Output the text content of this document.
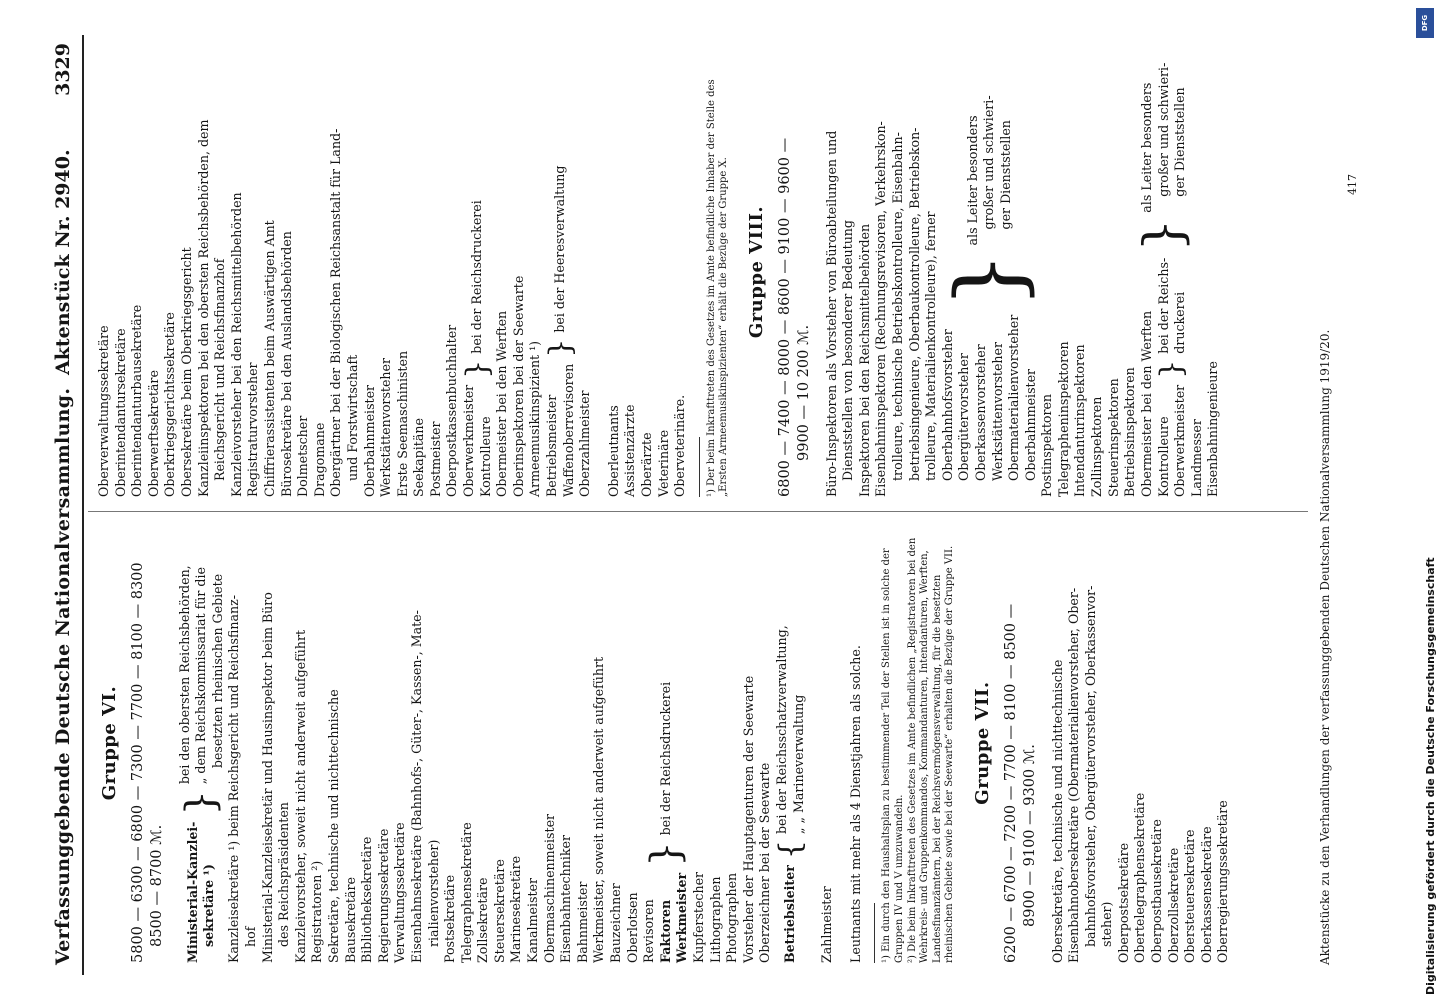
Verfassunggebende Deutsche Nationalversammlung.
Aktenstück Nr. 2940.
3329
Gruppe VI. 5800 — 6300 — 6800 — 7300 — 7700 — 8100 — 8300 8500 — 8700 ℳ. Ministerial-Kanzlei- sekretäre ¹)
}
bei den obersten Reichsbehörden, „ dem Reichskommissariat für die besetzten rheinischen Gebiete Kanzleisekretäre ¹) beim Reichsgericht und Reichsfinanz- hof Ministerial-Kanzleisekretär und Hausinspektor beim Büro des Reichspräsidenten Kanzleivorsteher, soweit nicht anderweit aufgeführt Registratoren ²) Sekretäre, technische und nichttechnische Bausekretäre Bibliotheksekretäre Regierungssekretäre Verwaltungssekretäre Eisenbahnsekretäre (Bahnhofs-, Güter-, Kassen-, Mate- rialienvorsteher) Postsekretäre Telegraphensekretäre Zollsekretäre Steuersekretäre Marinesekretäre Kanalmeister Obermaschinenmeister Eisenbahntechniker Bahnmeister Werkmeister, soweit nicht anderweit aufgeführt Bauzeichner Oberlotsen Revisoren Faktoren Werkmeister
}
bei der Reichsdruckerei
Kupferstecher Lithographen Photographen Vorsteher der Hauptagenturen der Seewarte Oberzeichner bei der Seewarte Betriebsleiter
{
bei der Reichsschatzverwaltung, „ „ Marineverwaltung
Zahlmeister Leutnants mit mehr als 4 Dienstjahren als solche. ¹) Ein durch den Haushaltsplan zu bestimmender Teil der Stellen ist in solche der Gruppen IV und V umzuwandeln. ²) Die beim Inkrafttreten des Gesetzes im Amte befindlichen „Registratoren bei den Wehrkreis- und Gruppenkommandos, Kommandanturen, Intendanturen, Werften, Landesfinanzämtern, bei der Reichsvermögensverwaltung, für die besetzten rheinischen Gebiete sowie bei der Seewarte“ erhalten die Bezüge der Gruppe VII. Gruppe VII. 6200 — 6700 — 7200 — 7700 — 8100 — 8500 — 8900 — 9100 — 9300 ℳ. Obersekretäre, technische und nichttechnische Eisenbahnobersekretäre (Obermaterialienvorsteher, Ober- bahnhofsvorsteher, Obergütervorsteher, Oberkassenvor- steher) Oberpostsekretäre Obertelegraphensekretäre Oberpostbausekretäre Oberzollsekretäre Obersteuersekretäre Oberkassensekretäre Oberregierungssekretäre
Oberverwaltungssekretäre Oberintendantursekretäre Oberintendanturbausekretäre Oberwerftsekretäre Oberkriegsgerichtssekretäre Obersekretäre beim Oberkriegsgericht Kanzleiinspektoren bei den obersten Reichsbehörden, dem Reichsgericht und Reichsfinanzhof Kanzleivorsteher bei den Reichsmittelbehörden Registraturvorsteher Chiffrierassistenten beim Auswärtigen Amt Bürosekretäre bei den Auslandsbehörden Dolmetscher Dragomane Obergärtner bei der Biologischen Reichsanstalt für Land- und Forstwirtschaft Oberbahnmeister Werkstättenvorsteher Erste Seemaschinisten Seekapitäne Postmeister Oberpostkassenbuchhalter Oberwerkmeister Kontrolleure
}
bei der Reichsdruckerei
Obermeister bei den Werften Oberinspektoren bei der Seewarte Armeemusikinspizient ¹) Betriebsmeister Waffenoberrevisoren
}
bei der Heeresverwaltung
Oberzahlmeister Oberleutnants Assistenzärzte Oberärzte Veterinäre Oberveterinäre. ¹) Der beim Inkrafttreten des Gesetzes im Amte befindliche Inhaber der Stelle des „Ersten Armeemusikinspizienten“ erhält die Bezüge der Gruppe X. Gruppe VIII. 6800 — 7400 — 8000 — 8600 — 9100 — 9600 — 9900 — 10 200 ℳ. Büro-Inspektoren als Vorsteher von Büroabteilungen und Dienststellen von besonderer Bedeutung Inspektoren bei den Reichsmittelbehörden Eisenbahninspektoren (Rechnungsrevisoren, Verkehrskon- trolleure, technische Betriebskontrolleure, Eisenbahn- betriebsingenieure, Oberbaukontrolleure, Betriebskon- trolleure, Materialienkontrolleure), ferner Oberbahnhofsvorsteher Obergütervorsteher Oberkassenvorsteher Werkstättenvorsteher Obermaterialienvorsteher Oberbahnmeister
}
als Leiter besonders großer und schwieri- ger Dienststellen
Postinspektoren Telegrapheninspektoren Intendanturinspektoren Zollinspektoren Steuerinspektoren Betriebsinspektoren Obermeister bei den Werften Kontrolleure Oberwerkmeister
}
bei der Reichs- druckerei
}
als Leiter besonders großer und schwieri- ger Dienststellen
Landmesser Eisenbahningenieure	Aktenstücke zu den Verhandlungen der verfassunggebenden Deutschen Nationalversammlung 1919/20.
417
DFG
Digitalisierung gefördert durch die Deutsche Forschungsgemeinschaft
